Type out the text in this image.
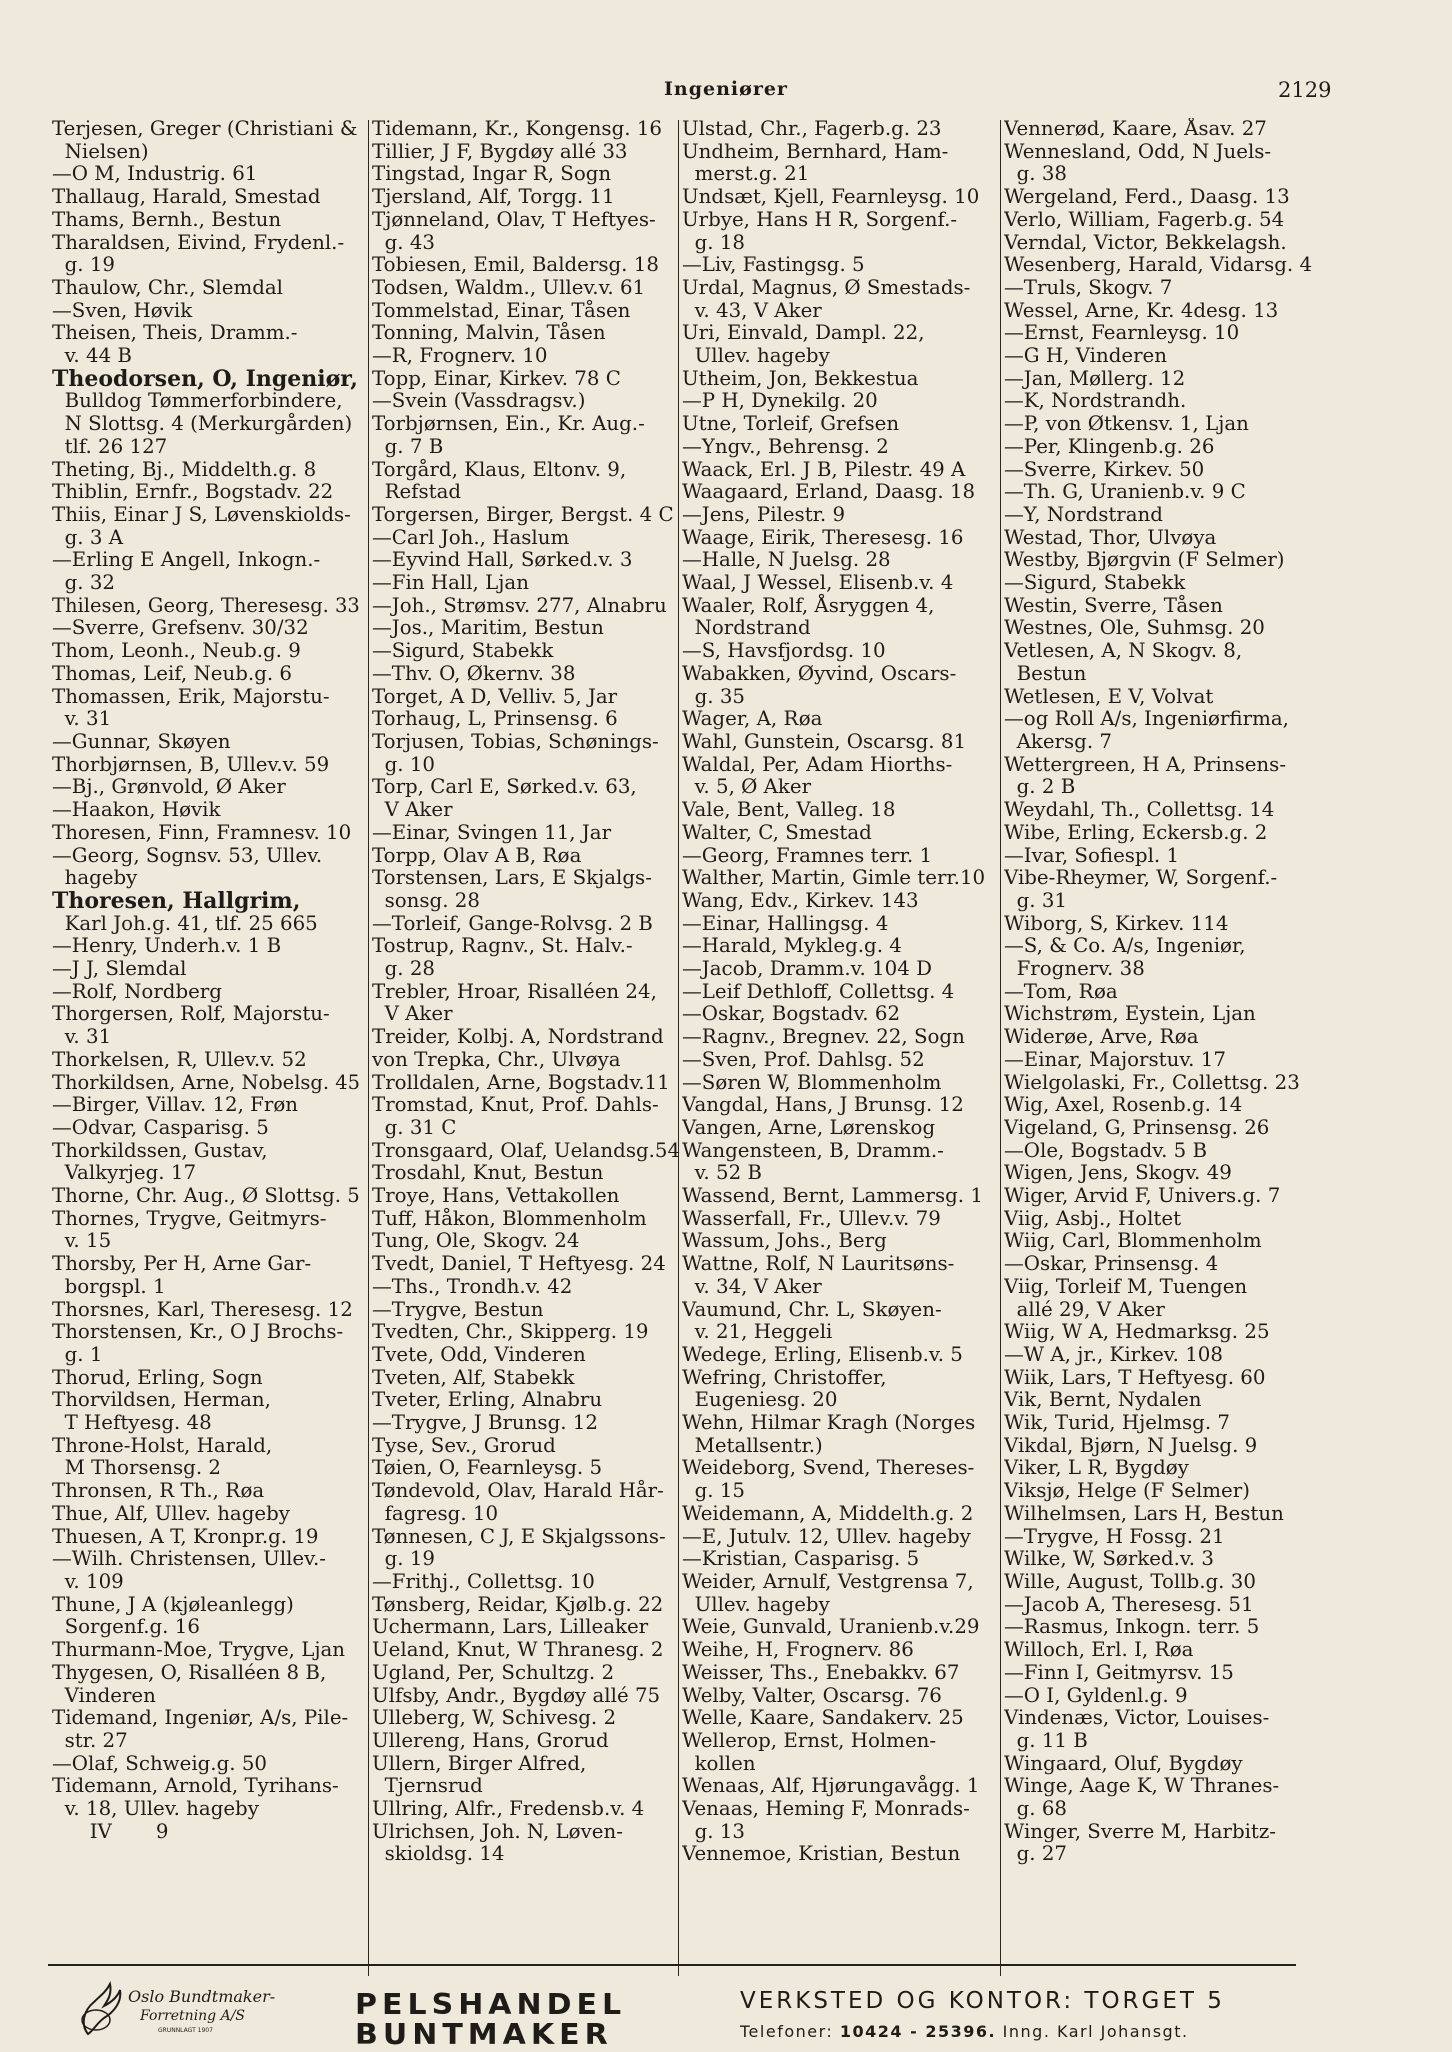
Ingeniører	2129
Terjesen, Greger (Christiani &
Nielsen)
—O M, Industrig. 61
Thallaug, Harald, Smestad
Thams, Bernh., Bestun
Tharaldsen, Eivind, Frydenl.-
g. 19
Thaulow, Chr., Slemdal
—Sven, Høvik
Theisen, Theis, Dramm.-
v. 44 B
Theodorsen, O, Ingeniør,
Bulldog Tømmerforbindere,
N Slottsg. 4 (Merkurgården)
tlf. 26 127
Theting, Bj., Middelth.g. 8
Thiblin, Ernfr., Bogstadv. 22
Thiis, Einar J S, Løvenskiolds-
g. 3 A
—Erling E Angell, Inkogn.-
g. 32
Thilesen, Georg, Theresesg. 33
—Sverre, Grefsenv. 30/32
Thom, Leonh., Neub.g. 9
Thomas, Leif, Neub.g. 6
Thomassen, Erik, Majorstu-
v. 31
—Gunnar, Skøyen
Thorbjørnsen, B, Ullev.v. 59
—Bj., Grønvold, Ø Aker
—Haakon, Høvik
Thoresen, Finn, Framnesv. 10
—Georg, Sognsv. 53, Ullev.
hageby
Thoresen, Hallgrim,
Karl Joh.g. 41, tlf. 25 665
—Henry, Underh.v. 1 B
—J J, Slemdal
—Rolf, Nordberg
Thorgersen, Rolf, Majorstu-
v. 31
Thorkelsen, R, Ullev.v. 52
Thorkildsen, Arne, Nobelsg. 45
—Birger, Villav. 12, Frøn
—Odvar, Casparisg. 5
Thorkildssen, Gustav,
Valkyrjeg. 17
Thorne, Chr. Aug., Ø Slottsg. 5
Thornes, Trygve, Geitmyrs-
v. 15
Thorsby, Per H, Arne Gar-
borgspl. 1
Thorsnes, Karl, Theresesg. 12
Thorstensen, Kr., O J Brochs-
g. 1
Thorud, Erling, Sogn
Thorvildsen, Herman,
T Heftyesg. 48
Throne-Holst, Harald,
M Thorsensg. 2
Thronsen, R Th., Røa
Thue, Alf, Ullev. hageby
Thuesen, A T, Kronpr.g. 19
—Wilh. Christensen, Ullev.-
v. 109
Thune, J A (kjøleanlegg)
Sorgenf.g. 16
Thurmann-Moe, Trygve, Ljan
Thygesen, O, Risalléen 8 B,
Vinderen
Tidemand, Ingeniør, A/s, Pile-
str. 27
—Olaf, Schweig.g. 50
Tidemann, Arnold, Tyrihans-
v. 18, Ullev. hageby
IV       9
Tidemann, Kr., Kongensg. 16
Tillier, J F, Bygdøy allé 33
Tingstad, Ingar R, Sogn
Tjersland, Alf, Torgg. 11
Tjønneland, Olav, T Heftyes-
g. 43
Tobiesen, Emil, Baldersg. 18
Todsen, Waldm., Ullev.v. 61
Tommelstad, Einar, Tåsen
Tonning, Malvin, Tåsen
—R, Frognerv. 10
Topp, Einar, Kirkev. 78 C
—Svein (Vassdragsv.)
Torbjørnsen, Ein., Kr. Aug.-
g. 7 B
Torgård, Klaus, Eltonv. 9,
Refstad
Torgersen, Birger, Bergst. 4 C
—Carl Joh., Haslum
—Eyvind Hall, Sørked.v. 3
—Fin Hall, Ljan
—Joh., Strømsv. 277, Alnabru
—Jos., Maritim, Bestun
—Sigurd, Stabekk
—Thv. O, Økernv. 38
Torget, A D, Velliv. 5, Jar
Torhaug, L, Prinsensg. 6
Torjusen, Tobias, Schønings-
g. 10
Torp, Carl E, Sørked.v. 63,
V Aker
—Einar, Svingen 11, Jar
Torpp, Olav A B, Røa
Torstensen, Lars, E Skjalgs-
sonsg. 28
—Torleif, Gange-Rolvsg. 2 B
Tostrup, Ragnv., St. Halv.-
g. 28
Trebler, Hroar, Risalléen 24,
V Aker
Treider, Kolbj. A, Nordstrand
von Trepka, Chr., Ulvøya
Trolldalen, Arne, Bogstadv.11
Tromstad, Knut, Prof. Dahls-
g. 31 C
Tronsgaard, Olaf, Uelandsg.54
Trosdahl, Knut, Bestun
Troye, Hans, Vettakollen
Tuff, Håkon, Blommenholm
Tung, Ole, Skogv. 24
Tvedt, Daniel, T Heftyesg. 24
—Ths., Trondh.v. 42
—Trygve, Bestun
Tvedten, Chr., Skipperg. 19
Tvete, Odd, Vinderen
Tveten, Alf, Stabekk
Tveter, Erling, Alnabru
—Trygve, J Brunsg. 12
Tyse, Sev., Grorud
Tøien, O, Fearnleysg. 5
Tøndevold, Olav, Harald Hår-
fagresg. 10
Tønnesen, C J, E Skjalgssons-
g. 19
—Frithj., Collettsg. 10
Tønsberg, Reidar, Kjølb.g. 22
Uchermann, Lars, Lilleaker
Ueland, Knut, W Thranesg. 2
Ugland, Per, Schultzg. 2
Ulfsby, Andr., Bygdøy allé 75
Ulleberg, W, Schivesg. 2
Ullereng, Hans, Grorud
Ullern, Birger Alfred,
Tjernsrud
Ullring, Alfr., Fredensb.v. 4
Ulrichsen, Joh. N, Løven-
skioldsg. 14
Ulstad, Chr., Fagerb.g. 23
Undheim, Bernhard, Ham-
merst.g. 21
Undsæt, Kjell, Fearnleysg. 10
Urbye, Hans H R, Sorgenf.-
g. 18
—Liv, Fastingsg. 5
Urdal, Magnus, Ø Smestads-
v. 43, V Aker
Uri, Einvald, Dampl. 22,
Ullev. hageby
Utheim, Jon, Bekkestua
—P H, Dynekilg. 20
Utne, Torleif, Grefsen
—Yngv., Behrensg. 2
Waack, Erl. J B, Pilestr. 49 A
Waagaard, Erland, Daasg. 18
—Jens, Pilestr. 9
Waage, Eirik, Theresesg. 16
—Halle, N Juelsg. 28
Waal, J Wessel, Elisenb.v. 4
Waaler, Rolf, Åsryggen 4,
Nordstrand
—S, Havsfjordsg. 10
Wabakken, Øyvind, Oscars-
g. 35
Wager, A, Røa
Wahl, Gunstein, Oscarsg. 81
Waldal, Per, Adam Hiorths-
v. 5, Ø Aker
Vale, Bent, Valleg. 18
Walter, C, Smestad
—Georg, Framnes terr. 1
Walther, Martin, Gimle terr.10
Wang, Edv., Kirkev. 143
—Einar, Hallingsg. 4
—Harald, Mykleg.g. 4
—Jacob, Dramm.v. 104 D
—Leif Dethloff, Collettsg. 4
—Oskar, Bogstadv. 62
—Ragnv., Bregnev. 22, Sogn
—Sven, Prof. Dahlsg. 52
—Søren W, Blommenholm
Vangdal, Hans, J Brunsg. 12
Vangen, Arne, Lørenskog
Wangensteen, B, Dramm.-
v. 52 B
Wassend, Bernt, Lammersg. 1
Wasserfall, Fr., Ullev.v. 79
Wassum, Johs., Berg
Wattne, Rolf, N Lauritsøns-
v. 34, V Aker
Vaumund, Chr. L, Skøyen-
v. 21, Heggeli
Wedege, Erling, Elisenb.v. 5
Wefring, Christoffer,
Eugeniesg. 20
Wehn, Hilmar Kragh (Norges
Metallsentr.)
Weideborg, Svend, Thereses-
g. 15
Weidemann, A, Middelth.g. 2
—E, Jutulv. 12, Ullev. hageby
—Kristian, Casparisg. 5
Weider, Arnulf, Vestgrensa 7,
Ullev. hageby
Weie, Gunvald, Uranienb.v.29
Weihe, H, Frognerv. 86
Weisser, Ths., Enebakkv. 67
Welby, Valter, Oscarsg. 76
Welle, Kaare, Sandakerv. 25
Wellerop, Ernst, Holmen-
kollen
Wenaas, Alf, Hjørungavågg. 1
Venaas, Heming F, Monrads-
g. 13
Vennemoe, Kristian, Bestun
Vennerød, Kaare, Åsav. 27
Wennesland, Odd, N Juels-
g. 38
Wergeland, Ferd., Daasg. 13
Verlo, William, Fagerb.g. 54
Verndal, Victor, Bekkelagsh.
Wesenberg, Harald, Vidarsg. 4
—Truls, Skogv. 7
Wessel, Arne, Kr. 4desg. 13
—Ernst, Fearnleysg. 10
—G H, Vinderen
—Jan, Møllerg. 12
—K, Nordstrandh.
—P, von Øtkensv. 1, Ljan
—Per, Klingenb.g. 26
—Sverre, Kirkev. 50
—Th. G, Uranienb.v. 9 C
—Y, Nordstrand
Westad, Thor, Ulvøya
Westby, Bjørgvin (F Selmer)
—Sigurd, Stabekk
Westin, Sverre, Tåsen
Westnes, Ole, Suhmsg. 20
Vetlesen, A, N Skogv. 8,
Bestun
Wetlesen, E V, Volvat
—og Roll A/s, Ingeniørfirma,
Akersg. 7
Wettergreen, H A, Prinsens-
g. 2 B
Weydahl, Th., Collettsg. 14
Wibe, Erling, Eckersb.g. 2
—Ivar, Sofiespl. 1
Vibe-Rheymer, W, Sorgenf.-
g. 31
Wiborg, S, Kirkev. 114
—S, & Co. A/s, Ingeniør,
Frognerv. 38
—Tom, Røa
Wichstrøm, Eystein, Ljan
Widerøe, Arve, Røa
—Einar, Majorstuv. 17
Wielgolaski, Fr., Collettsg. 23
Wig, Axel, Rosenb.g. 14
Vigeland, G, Prinsensg. 26
—Ole, Bogstadv. 5 B
Wigen, Jens, Skogv. 49
Wiger, Arvid F, Univers.g. 7
Viig, Asbj., Holtet
Wiig, Carl, Blommenholm
—Oskar, Prinsensg. 4
Viig, Torleif M, Tuengen
allé 29, V Aker
Wiig, W A, Hedmarksg. 25
—W A, jr., Kirkev. 108
Wiik, Lars, T Heftyesg. 60
Vik, Bernt, Nydalen
Wik, Turid, Hjelmsg. 7
Vikdal, Bjørn, N Juelsg. 9
Viker, L R, Bygdøy
Viksjø, Helge (F Selmer)
Wilhelmsen, Lars H, Bestun
—Trygve, H Fossg. 21
Wilke, W, Sørked.v. 3
Wille, August, Tollb.g. 30
—Jacob A, Theresesg. 51
—Rasmus, Inkogn. terr. 5
Willoch, Erl. I, Røa
—Finn I, Geitmyrsv. 15
—O I, Gyldenl.g. 9
Vindenæs, Victor, Louises-
g. 11 B
Wingaard, Oluf, Bygdøy
Winge, Aage K, W Thranes-
g. 68
Winger, Sverre M, Harbitz-
g. 27
Oslo Bundtmaker-
Forretning A/S
GRUNNLAGT 1907
PELSHANDEL
BUNTMAKER
VERKSTED OG KONTOR: TORGET 5
Telefoner: 10424 - 25396. Inng. Karl Johansgt.
